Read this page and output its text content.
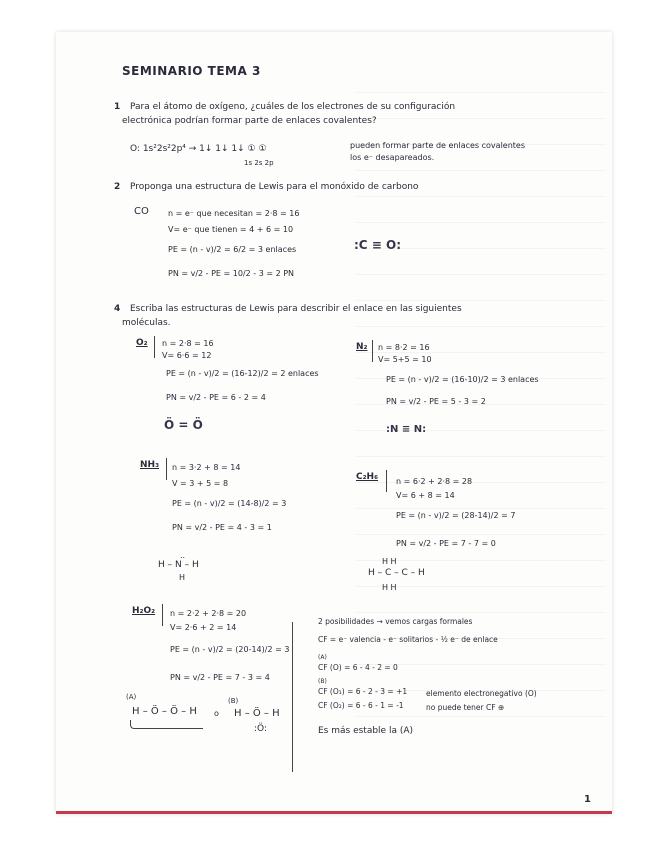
SEMINARIO TEMA 3
1 Para el átomo de oxígeno, ¿cuáles de los electrones de su configuración
electrónica podrían formar parte de enlaces covalentes?
O: 1s²2s²2p⁴ → 1↓ 1↓ 1↓ ① ①
1s 2s 2p
pueden formar parte de enlaces covalentes
los e⁻ desapareados.
2 Proponga una estructura de Lewis para el monóxido de carbono
CO n = e⁻ que necesitan = 2·8 = 16
V= e⁻ que tienen = 4 + 6 = 10
PE = (n - v)/2 = 6/2 = 3 enlaces
PN = v/2 - PE = 10/2 - 3 = 2 PN
:C ≡ O:
4 Escriba las estructuras de Lewis para describir el enlace en las siguientes
moléculas.
O₂ n = 2·8 = 16
V= 6·6 = 12
PE = (n - v)/2 = (16-12)/2 = 2 enlaces
PN = v/2 - PE = 6 - 2 = 4
Ö = Ö
N₂ n = 8·2 = 16
V= 5+5 = 10
PE = (n - v)/2 = (16-10)/2 = 3 enlaces
PN = v/2 - PE = 5 - 3 = 2
:N ≡ N:
NH₃ n = 3·2 + 8 = 14
V = 3 + 5 = 8
PE = (n - v)/2 = (14-8)/2 = 3
PN = v/2 - PE = 4 - 3 = 1
..
H – N – H
H
C₂H₆ n = 6·2 + 2·8 = 28
V= 6 + 8 = 14
PE = (n - v)/2 = (28-14)/2 = 7
PN = v/2 - PE = 7 - 7 = 0
H H
H – C – C – H
H H
H₂O₂ n = 2·2 + 2·8 = 20
V= 2·6 + 2 = 14
PE = (n - v)/2 = (20-14)/2 = 3
PN = v/2 - PE = 7 - 3 = 4
(A)
H – Ö – Ö – H o
(B)
H – Ö – H
:Ö:
2 posibilidades → vemos cargas formales
CF = e⁻ valencia - e⁻ solitarios - ½ e⁻ de enlace
(A)
CF (O) = 6 - 4 - 2 = 0
(B)
CF (O₁) = 6 - 2 - 3 = +1
CF (O₂) = 6 - 6 - 1 = -1
elemento electronegativo (O)
no puede tener CF ⊕
Es más estable la (A)
1
